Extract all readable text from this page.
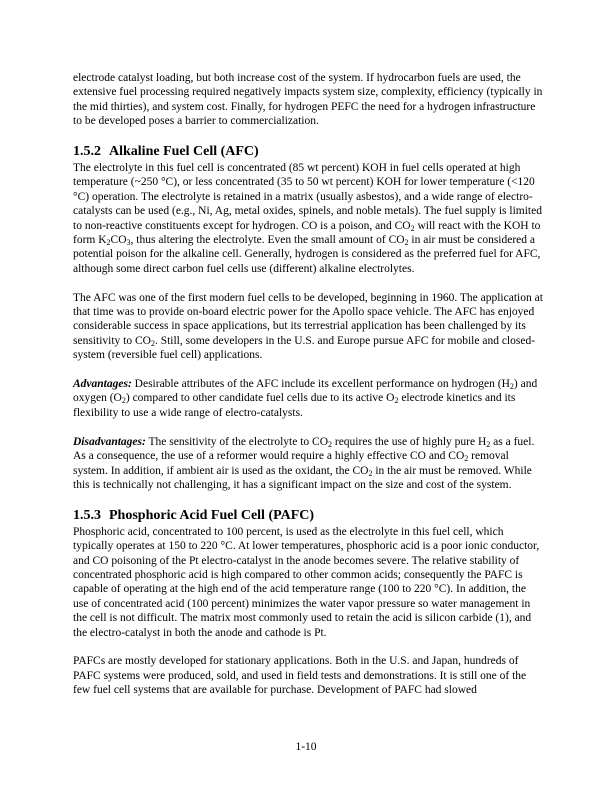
electrode catalyst loading, but both increase cost of the system. If hydrocarbon fuels are used, the extensive fuel processing required negatively impacts system size, complexity, efficiency (typically in the mid thirties), and system cost. Finally, for hydrogen PEFC the need for a hydrogen infrastructure to be developed poses a barrier to commercialization.

1.5.2 Alkaline Fuel Cell (AFC)

The electrolyte in this fuel cell is concentrated (85 wt percent) KOH in fuel cells operated at high temperature (~250 °C), or less concentrated (35 to 50 wt percent) KOH for lower temperature (<120 °C) operation. The electrolyte is retained in a matrix (usually asbestos), and a wide range of electro-catalysts can be used (e.g., Ni, Ag, metal oxides, spinels, and noble metals). The fuel supply is limited to non-reactive constituents except for hydrogen. CO is a poison, and $CO_2$ will react with the KOH to form $K_2CO_3$, thus altering the electrolyte. Even the small amount of $CO_2$ in air must be considered a potential poison for the alkaline cell. Generally, hydrogen is considered as the preferred fuel for AFC, although some direct carbon fuel cells use (different) alkaline electrolytes.

The AFC was one of the first modern fuel cells to be developed, beginning in 1960. The application at that time was to provide on-board electric power for the Apollo space vehicle. The AFC has enjoyed considerable success in space applications, but its terrestrial application has been challenged by its sensitivity to $CO_2$. Still, some developers in the U.S. and Europe pursue AFC for mobile and closed-system (reversible fuel cell) applications.

Advantages: Desirable attributes of the AFC include its excellent performance on hydrogen $(H_2)$ and oxygen $(O_2)$ compared to other candidate fuel cells due to its active $O_2$ electrode kinetics and its flexibility to use a wide range of electro-catalysts.

Disadvantages: The sensitivity of the electrolyte to $CO_2$ requires the use of highly pure $H_2$ as a fuel. As a consequence, the use of a reformer would require a highly effective CO and $CO_2$ removal system. In addition, if ambient air is used as the oxidant, the $CO_2$ in the air must be removed. While this is technically not challenging, it has a significant impact on the size and cost of the system.

1.5.3 Phosphoric Acid Fuel Cell (PAFC)

Phosphoric acid, concentrated to 100 percent, is used as the electrolyte in this fuel cell, which typically operates at 150 to 220 °C. At lower temperatures, phosphoric acid is a poor ionic conductor, and CO poisoning of the Pt electro-catalyst in the anode becomes severe. The relative stability of concentrated phosphoric acid is high compared to other common acids; consequently the PAFC is capable of operating at the high end of the acid temperature range (100 to 220 °C). In addition, the use of concentrated acid (100 percent) minimizes the water vapor pressure so water management in the cell is not difficult. The matrix most commonly used to retain the acid is silicon carbide (1), and the electro-catalyst in both the anode and cathode is Pt.

PAFCs are mostly developed for stationary applications. Both in the U.S. and Japan, hundreds of PAFC systems were produced, sold, and used in field tests and demonstrations. It is still one of the few fuel cell systems that are available for purchase. Development of PAFC had slowed

1-10
